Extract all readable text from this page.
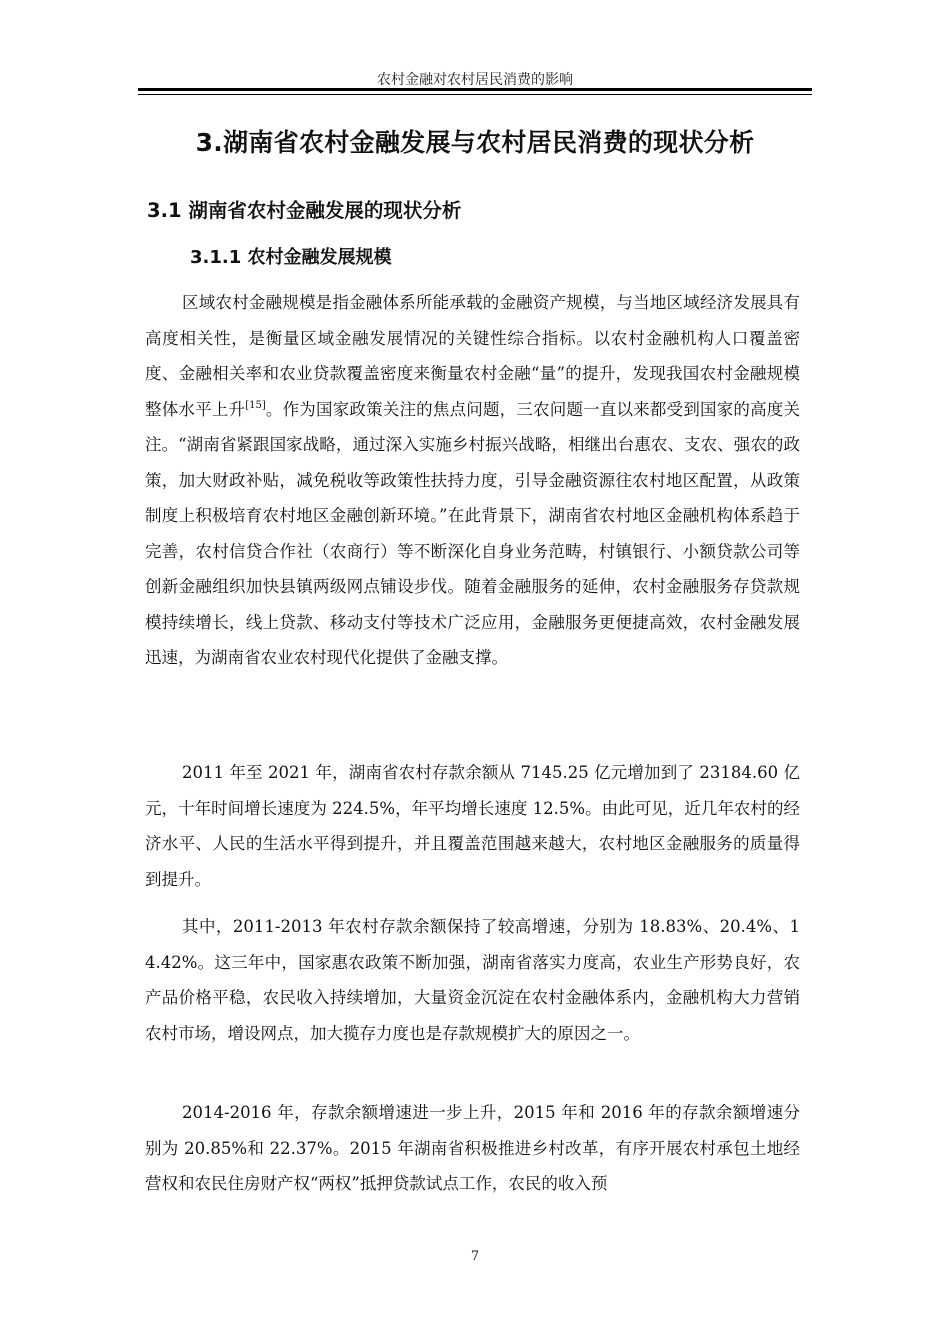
农村金融对农村居民消费的影响
3.湖南省农村金融发展与农村居民消费的现状分析
3.1 湖南省农村金融发展的现状分析
3.1.1 农村金融发展规模

区域农村金融规模是指金融体系所能承载的金融资产规模，与当地区域经济发展具有高度相关性，是衡量区域金融发展情况的关键性综合指标。以农村金融机构人口覆盖密度、金融相关率和农业贷款覆盖密度来衡量农村金融“量”的提升，发现我国农村金融规模整体水平上升[15]。作为国家政策关注的焦点问题，三农问题一直以来都受到国家的高度关注。“湖南省紧跟国家战略，通过深入实施乡村振兴战略，相继出台惠农、支农、强农的政策，加大财政补贴，减免税收等政策性扶持力度，引导金融资源往农村地区配置，从政策制度上积极培育农村地区金融创新环境。”在此背景下，湖南省农村地区金融机构体系趋于完善，农村信贷合作社（农商行）等不断深化自身业务范畴，村镇银行、小额贷款公司等创新金融组织加快县镇两级网点铺设步伐。随着金融服务的延伸，农村金融服务存贷款规模持续增长，线上贷款、移动支付等技术广泛应用，金融服务更便捷高效，农村金融发展迅速，为湖南省农业农村现代化提供了金融支撑。

2011 年至 2021 年，湖南省农村存款余额从 7145.25 亿元增加到了 23184.60 亿元，十年时间增长速度为 224.5%，年平均增长速度 12.5%。由此可见，近几年农村的经济水平、人民的生活水平得到提升，并且覆盖范围越来越大，农村地区金融服务的质量得到提升。

其中，2011-2013 年农村存款余额保持了较高增速，分别为 18.83%、20.4%、14.42%。这三年中，国家惠农政策不断加强，湖南省落实力度高，农业生产形势良好，农产品价格平稳，农民收入持续增加，大量资金沉淀在农村金融体系内，金融机构大力营销农村市场，增设网点，加大揽存力度也是存款规模扩大的原因之一。

2014-2016 年，存款余额增速进一步上升，2015 年和 2016 年的存款余额增速分别为 20.85%和 22.37%。2015 年湖南省积极推进乡村改革，有序开展农村承包土地经营权和农民住房财产权“两权”抵押贷款试点工作，农民的收入预

7
